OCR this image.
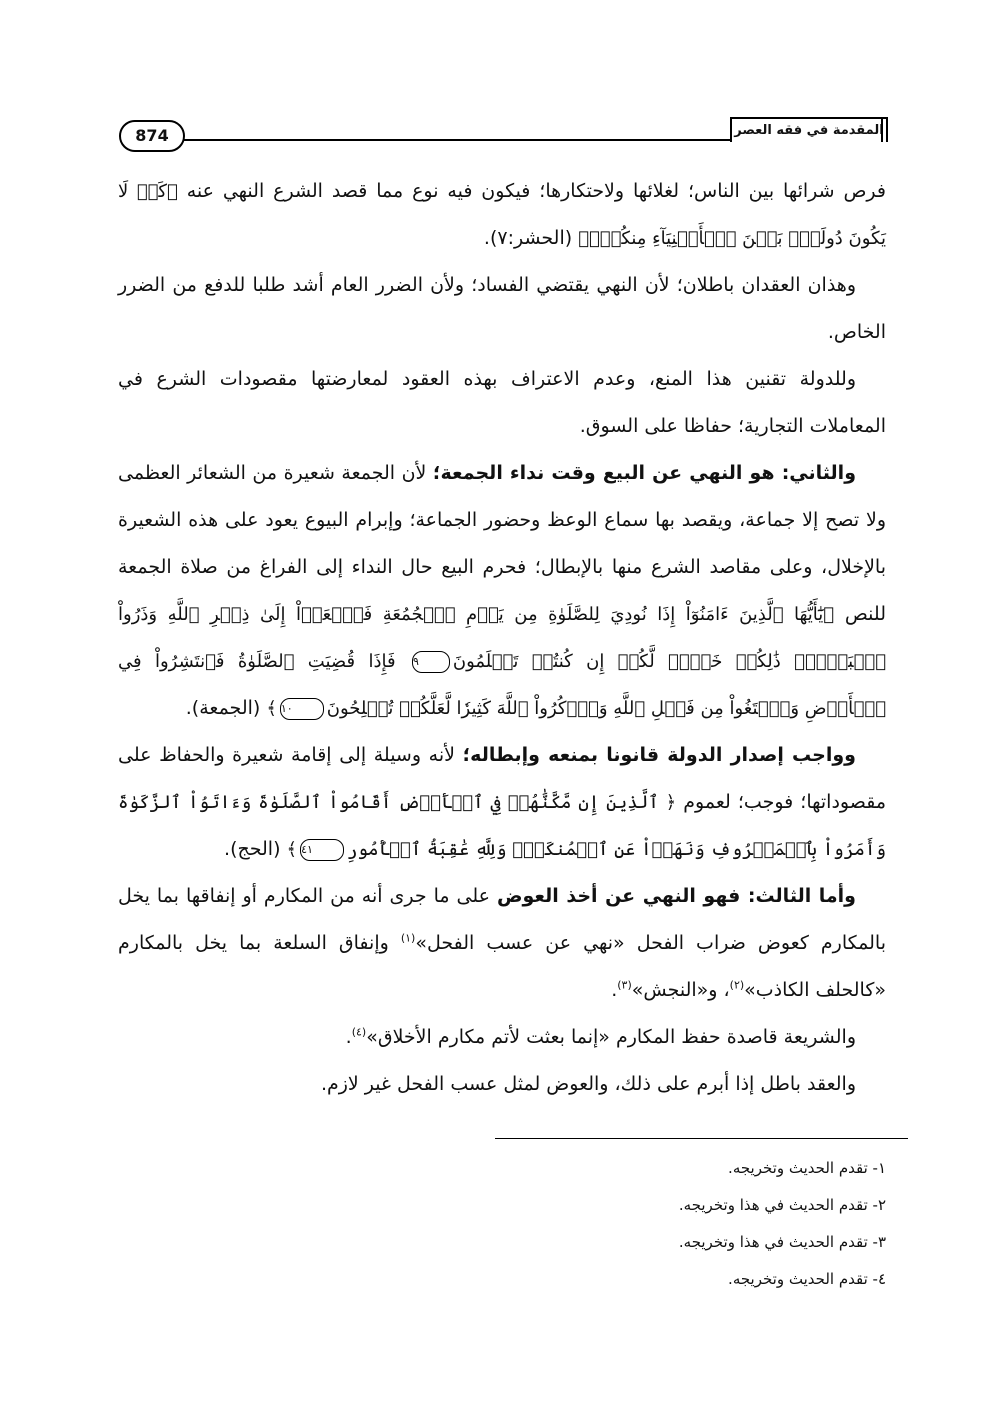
المقدمة في فقه العصر
874

فرص شرائها بين الناس؛ لغلائها ولاحتكارها؛ فيكون فيه نوع مما قصد الشرع النهي عنه ﴿كَيۡ لَا يَكُونَ دُولَةَۢ بَيۡنَ ٱلۡأَغۡنِيَآءِ مِنكُمۡۚ﴾ (الحشر:٧).

وهذان العقدان باطلان؛ لأن النهي يقتضي الفساد؛ ولأن الضرر العام أشد طلبا للدفع من الضرر الخاص.

وللدولة تقنين هذا المنع، وعدم الاعتراف بهذه العقود لمعارضتها مقصودات الشرع في المعاملات التجارية؛ حفاظا على السوق.

والثاني: هو النهي عن البيع وقت نداء الجمعة؛ لأن الجمعة شعيرة من الشعائر العظمى ولا تصح إلا جماعة، ويقصد بها سماع الوعظ وحضور الجماعة؛ وإبرام البيوع يعود على هذه الشعيرة بالإخلال، وعلى مقاصد الشرع منها بالإبطال؛ فحرم البيع حال النداء إلى الفراغ من صلاة الجمعة للنص ﴿يَٰٓأَيُّهَا ٱلَّذِينَ ءَامَنُوٓاْ إِذَا نُودِيَ لِلصَّلَوٰةِ مِن يَوۡمِ ٱلۡجُمُعَةِ فَٱسۡعَوۡاْ إِلَىٰ ذِكۡرِ ٱللَّهِ وَذَرُواْ ٱلۡبَيۡعَۚ ذَٰلِكُمۡ خَيۡرٞ لَّكُمۡ إِن كُنتُمۡ تَعۡلَمُونَ٩ فَإِذَا قُضِيَتِ ٱلصَّلَوٰةُ فَٱنتَشِرُواْ فِي ٱلۡأَرۡضِ وَٱبۡتَغُواْ مِن فَضۡلِ ٱللَّهِ وَٱذۡكُرُواْ ٱللَّهَ كَثِيرٗا لَّعَلَّكُمۡ تُفۡلِحُونَ١٠﴾ (الجمعة).

وواجب إصدار الدولة قانونا بمنعه وإبطاله؛ لأنه وسيلة إلى إقامة شعيرة والحفاظ على مقصوداتها؛ فوجب؛ لعموم ﴿ ٱلَّذِينَ إِن مَّكَّنَّٰهُمۡ فِي ٱلۡأَرۡضِ أَقَامُواْ ٱلصَّلَوٰةَ وَءَاتَوُاْ ٱلزَّكَوٰةَ وَأَمَرُواْ بِٱلۡمَعۡرُوفِ وَنَهَوۡاْ عَنِ ٱلۡمُنكَرِۗ وَلِلَّهِ عَٰقِبَةُ ٱلۡأُمُورِ٤١﴾ (الحج).

وأما الثالث: فهو النهي عن أخذ العوض على ما جرى أنه من المكارم أو إنفاقها بما يخل بالمكارم كعوض ضراب الفحل «نهي عن عسب الفحل»$^{(١)}$ وإنفاق السلعة بما يخل بالمكارم «كالحلف الكاذب»$^{(٢)}$، و«النجش»$^{(٣)}$.

والشريعة قاصدة حفظ المكارم «إنما بعثت لأتم مكارم الأخلاق»$^{(٤)}$.

والعقد باطل إذا أبرم على ذلك، والعوض لمثل عسب الفحل غير لازم.

١- تقدم الحديث وتخريجه.
٢- تقدم الحديث في هذا وتخريجه.
٣- تقدم الحديث في هذا وتخريجه.
٤- تقدم الحديث وتخريجه.
